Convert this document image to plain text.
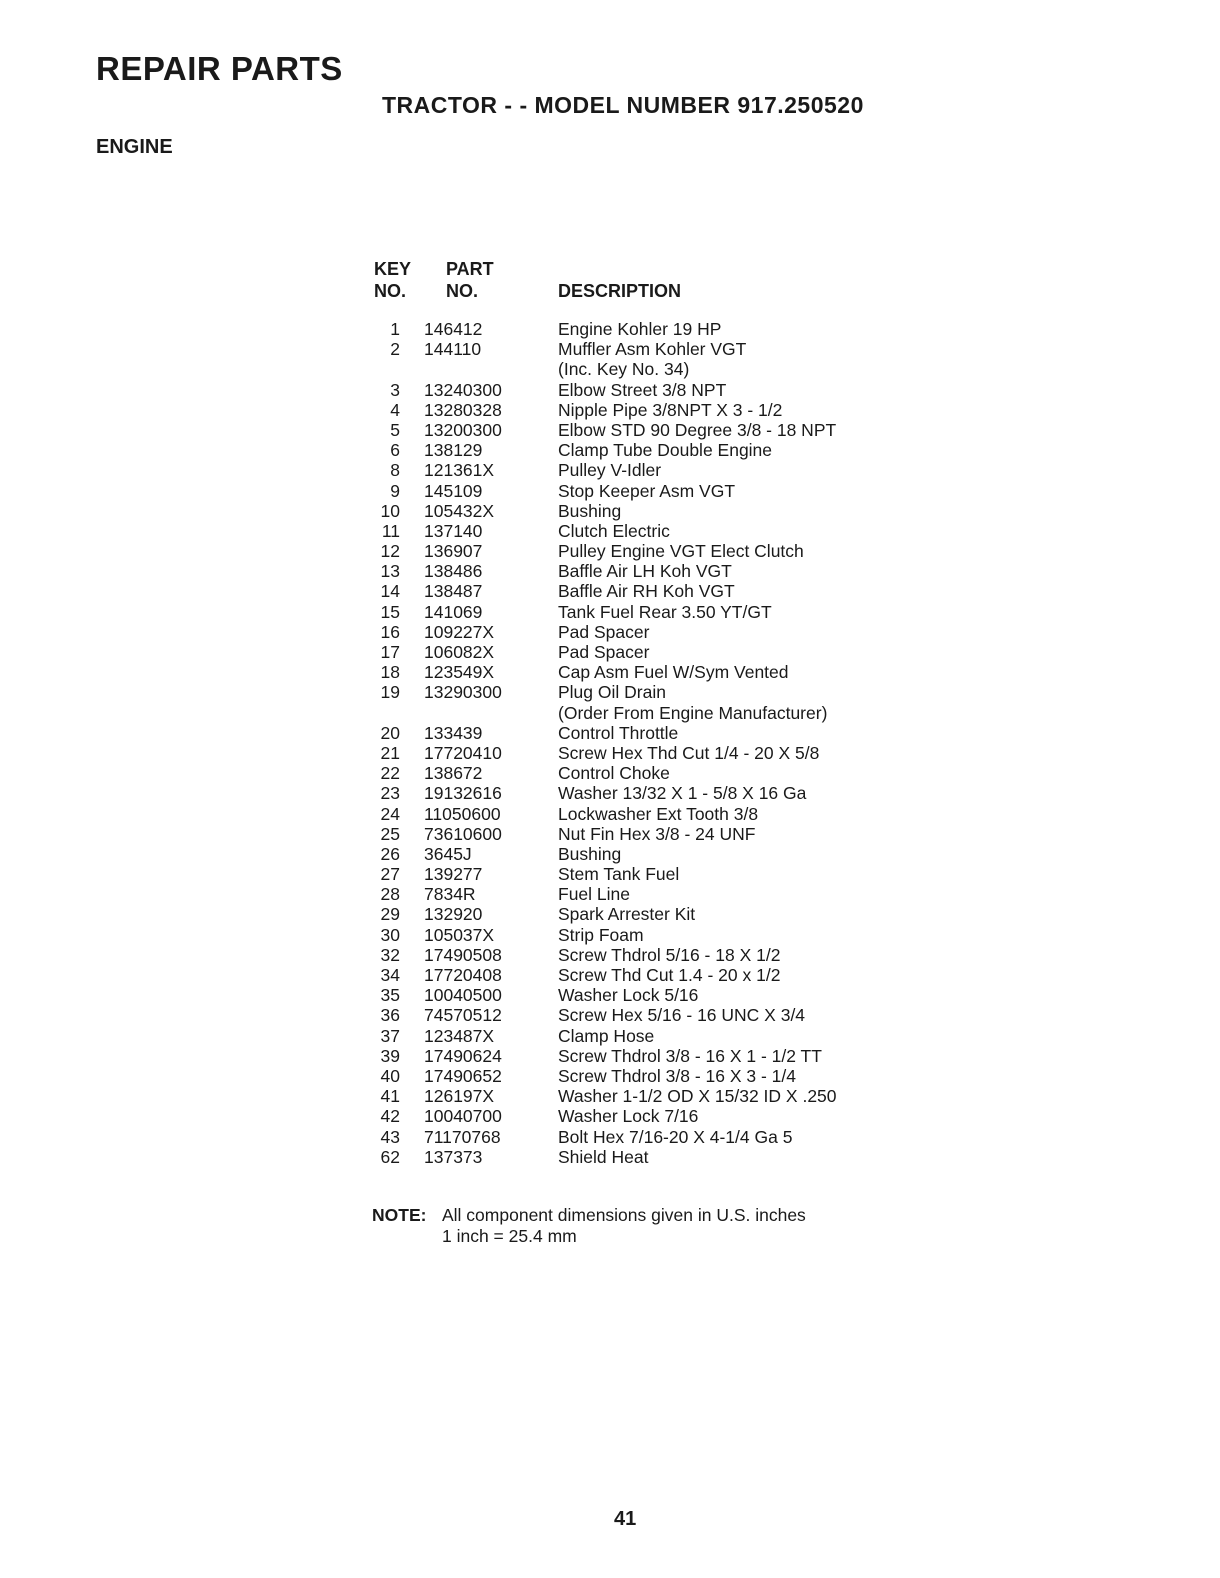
REPAIR PARTS
TRACTOR - - MODEL NUMBER 917.250520
ENGINE
KEY
NO.
PART
NO.	DESCRIPTION
1 146412	Engine Kohler 19 HP
2 144110	Muffler Asm Kohler VGT
(Inc. Key No. 34)
3 13240300	Elbow Street 3/8 NPT
4 13280328	Nipple Pipe 3/8NPT X 3 - 1/2
5 13200300	Elbow STD 90 Degree 3/8 - 18 NPT
6 138129	Clamp Tube Double Engine
8 121361X	Pulley V-Idler
9 145109	Stop Keeper Asm VGT
10 105432X	Bushing
11 137140	Clutch Electric
12 136907	Pulley Engine VGT Elect Clutch
13 138486	Baffle Air LH Koh VGT
14 138487	Baffle Air RH Koh VGT
15 141069	Tank Fuel Rear 3.50 YT/GT
16 109227X	Pad Spacer
17 106082X	Pad Spacer
18 123549X	Cap Asm Fuel W/Sym Vented
19 13290300	Plug Oil Drain
(Order From Engine Manufacturer)
20 133439	Control Throttle
21 17720410	Screw Hex Thd Cut 1/4 - 20 X 5/8
22 138672	Control Choke
23 19132616	Washer 13/32 X 1 - 5/8 X 16 Ga
24 11050600	Lockwasher Ext Tooth 3/8
25 73610600	Nut Fin Hex 3/8 - 24 UNF
26 3645J	Bushing
27 139277	Stem Tank Fuel
28 7834R	Fuel Line
29 132920	Spark Arrester Kit
30 105037X	Strip Foam
32 17490508	Screw Thdrol 5/16 - 18 X 1/2
34 17720408	Screw Thd Cut 1.4 - 20 x 1/2
35 10040500	Washer Lock 5/16
36 74570512	Screw Hex 5/16 - 16 UNC X 3/4
37 123487X	Clamp Hose
39 17490624	Screw Thdrol 3/8 - 16 X 1 - 1/2 TT
40 17490652	Screw Thdrol 3/8 - 16 X 3 - 1/4
41 126197X	Washer 1-1/2 OD X 15/32 ID X .250
42 10040700	Washer Lock 7/16
43 71170768	Bolt Hex 7/16-20 X 4-1/4 Ga 5
62 137373	Shield Heat
NOTE: All component dimensions given in U.S. inches
1 inch = 25.4 mm
41
